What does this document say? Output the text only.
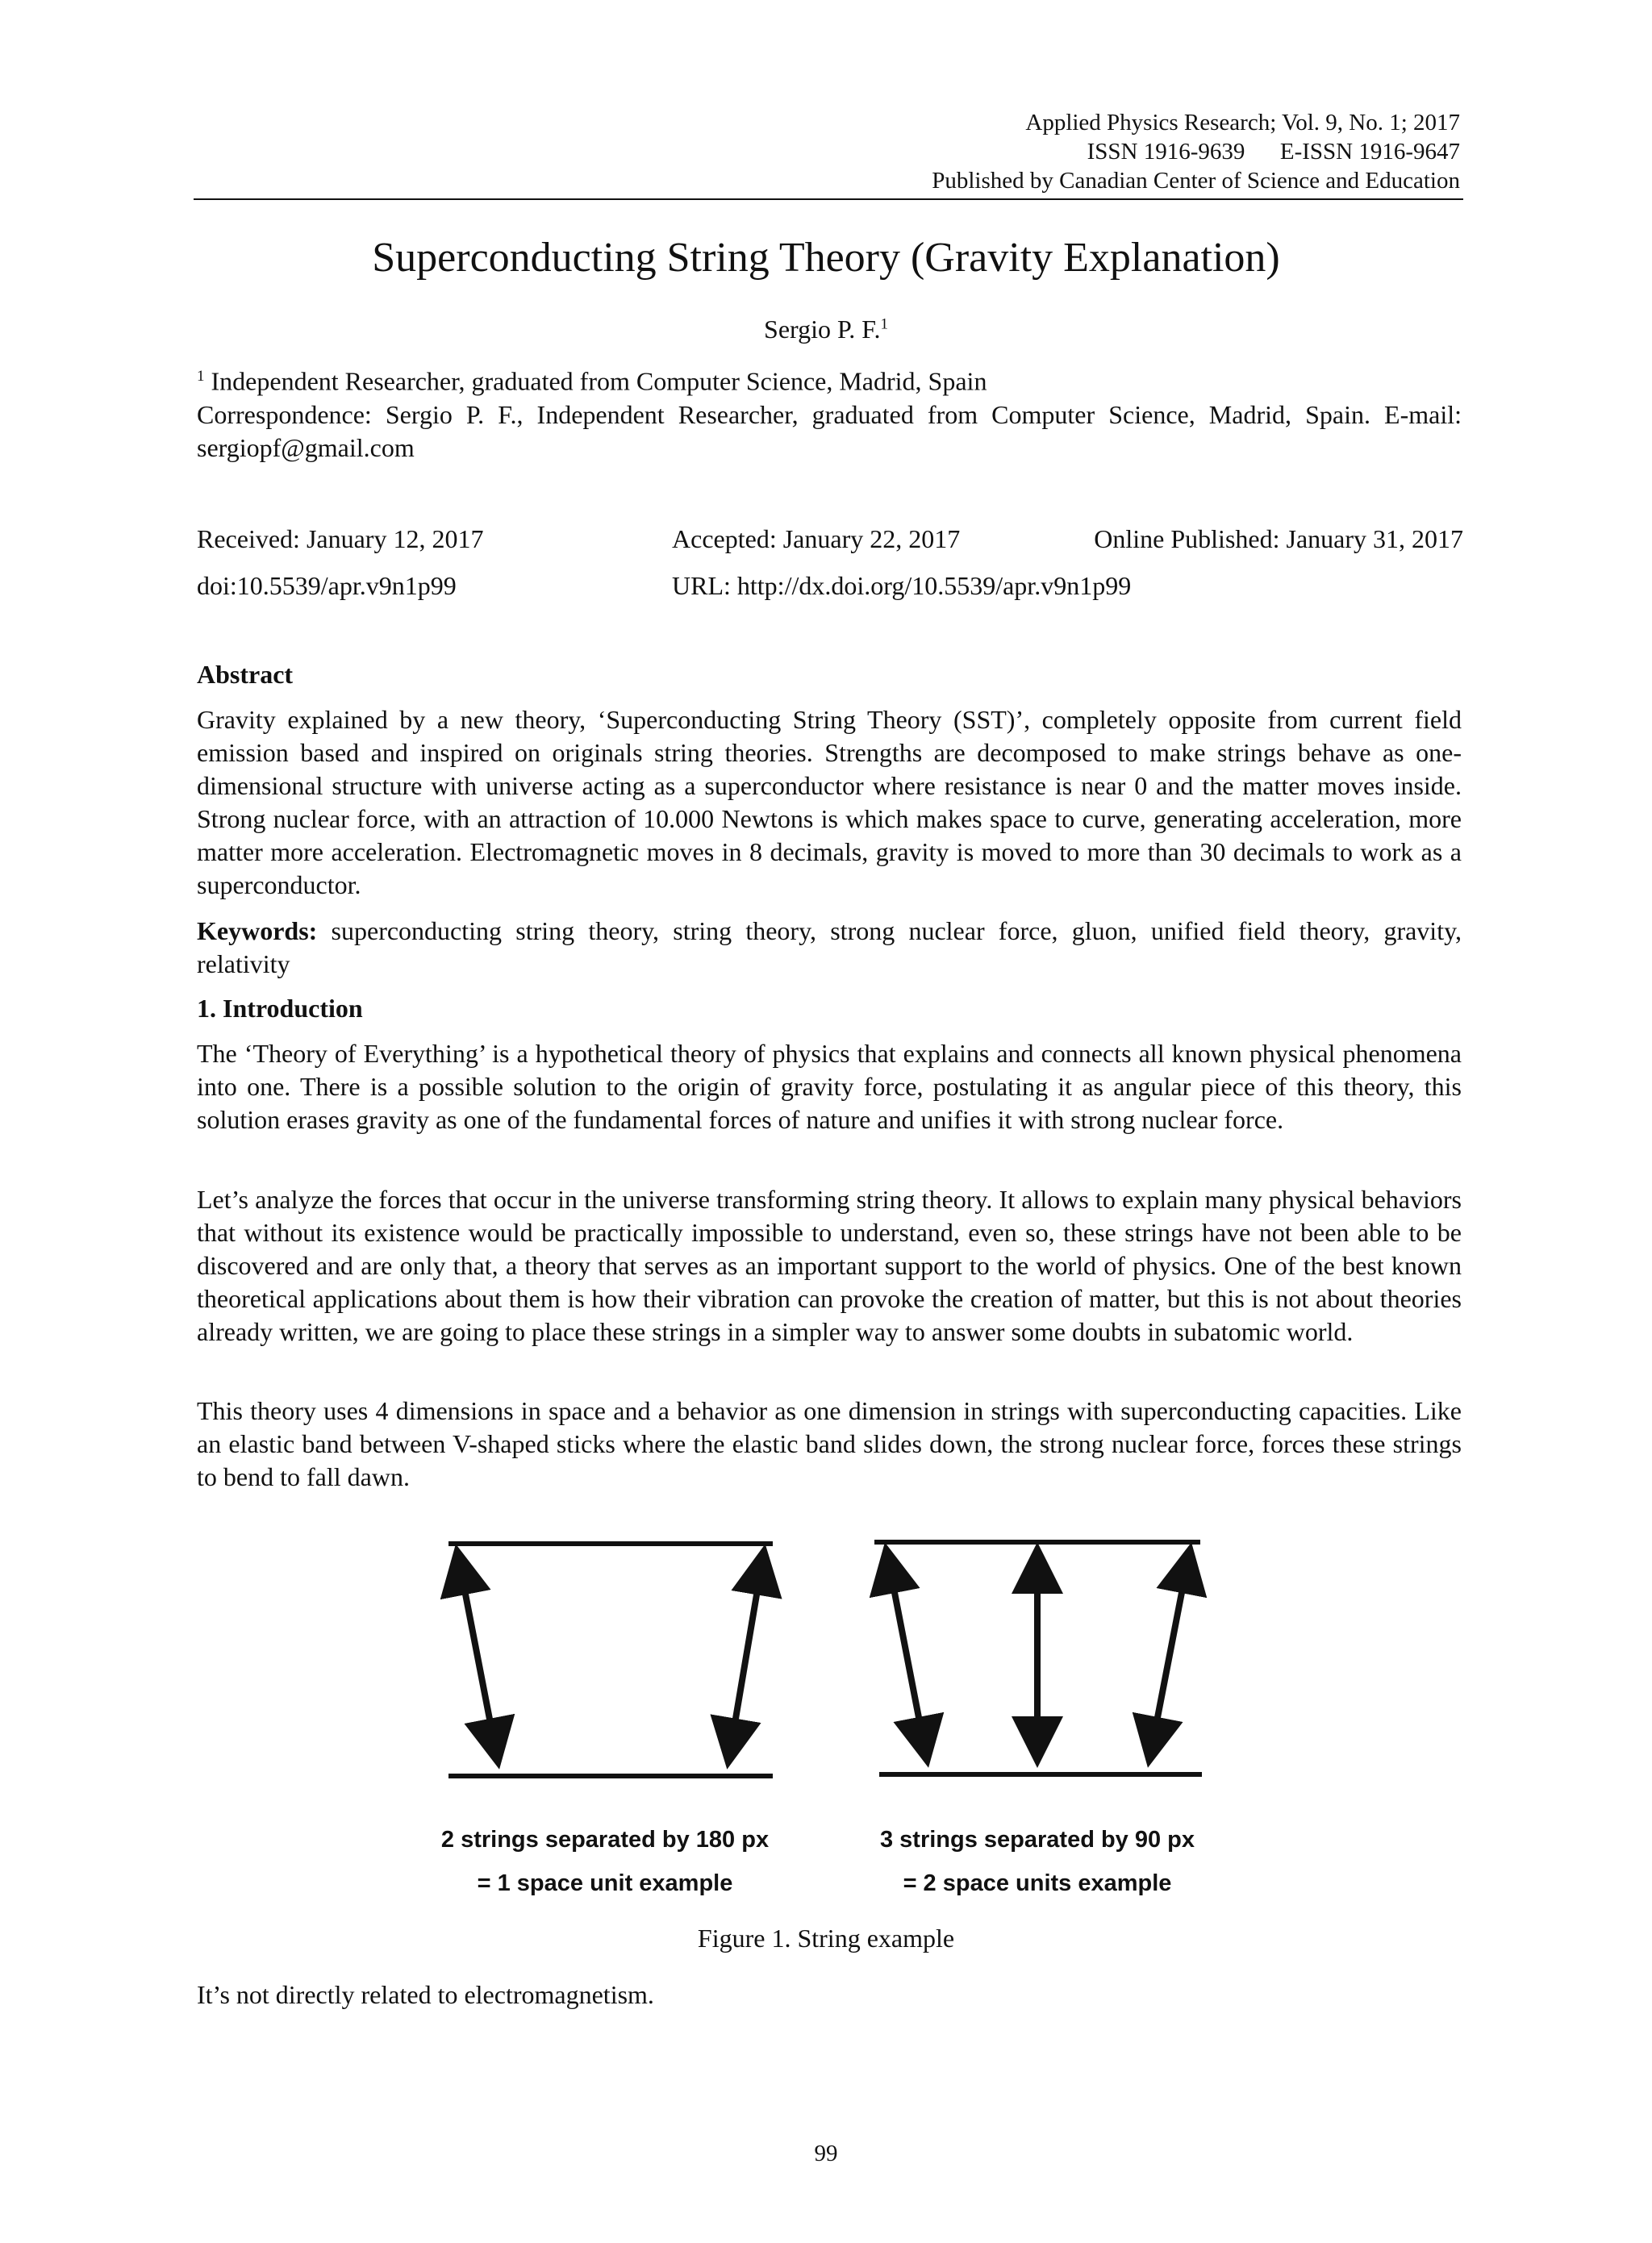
Applied Physics Research; Vol. 9, No. 1; 2017
ISSN 1916-9639      E-ISSN 1916-9647
Published by Canadian Center of Science and Education
Superconducting String Theory (Gravity Explanation)
Sergio P. F.$^1$
$^1$ Independent Researcher, graduated from Computer Science, Madrid, Spain
Correspondence: Sergio P. F., Independent Researcher, graduated from Computer Science, Madrid, Spain. E-mail: sergiopf@gmail.com
Received: January 12, 2017	Accepted: January 22, 2017	Online Published: January 31, 2017
doi:10.5539/apr.v9n1p99	URL: http://dx.doi.org/10.5539/apr.v9n1p99
Abstract
Gravity explained by a new theory, ‘Superconducting String Theory (SST)’, completely opposite from current field emission based and inspired on originals string theories. Strengths are decomposed to make strings behave as one-dimensional structure with universe acting as a superconductor where resistance is near 0 and the matter moves inside. Strong nuclear force, with an attraction of 10.000 Newtons is which makes space to curve, generating acceleration, more matter more acceleration. Electromagnetic moves in 8 decimals, gravity is moved to more than 30 decimals to work as a superconductor.
Keywords: superconducting string theory, string theory, strong nuclear force, gluon, unified field theory, gravity, relativity
1. Introduction
The ‘Theory of Everything’ is a hypothetical theory of physics that explains and connects all known physical phenomena into one. There is a possible solution to the origin of gravity force, postulating it as angular piece of this theory, this solution erases gravity as one of the fundamental forces of nature and unifies it with strong nuclear force.
Let’s analyze the forces that occur in the universe transforming string theory. It allows to explain many physical behaviors that without its existence would be practically impossible to understand, even so, these strings have not been able to be discovered and are only that, a theory that serves as an important support to the world of physics. One of the best known theoretical applications about them is how their vibration can provoke the creation of matter, but this is not about theories already written, we are going to place these strings in a simpler way to answer some doubts in subatomic world.
This theory uses 4 dimensions in space and a behavior as one dimension in strings with superconducting capacities. Like an elastic band between V-shaped sticks where the elastic band slides down, the strong nuclear force, forces these strings to bend to fall dawn.
2 strings separated by 180 px
= 1 space unit example
3 strings separated by 90 px
= 2 space units example
Figure 1. String example
It’s not directly related to electromagnetism.
99
